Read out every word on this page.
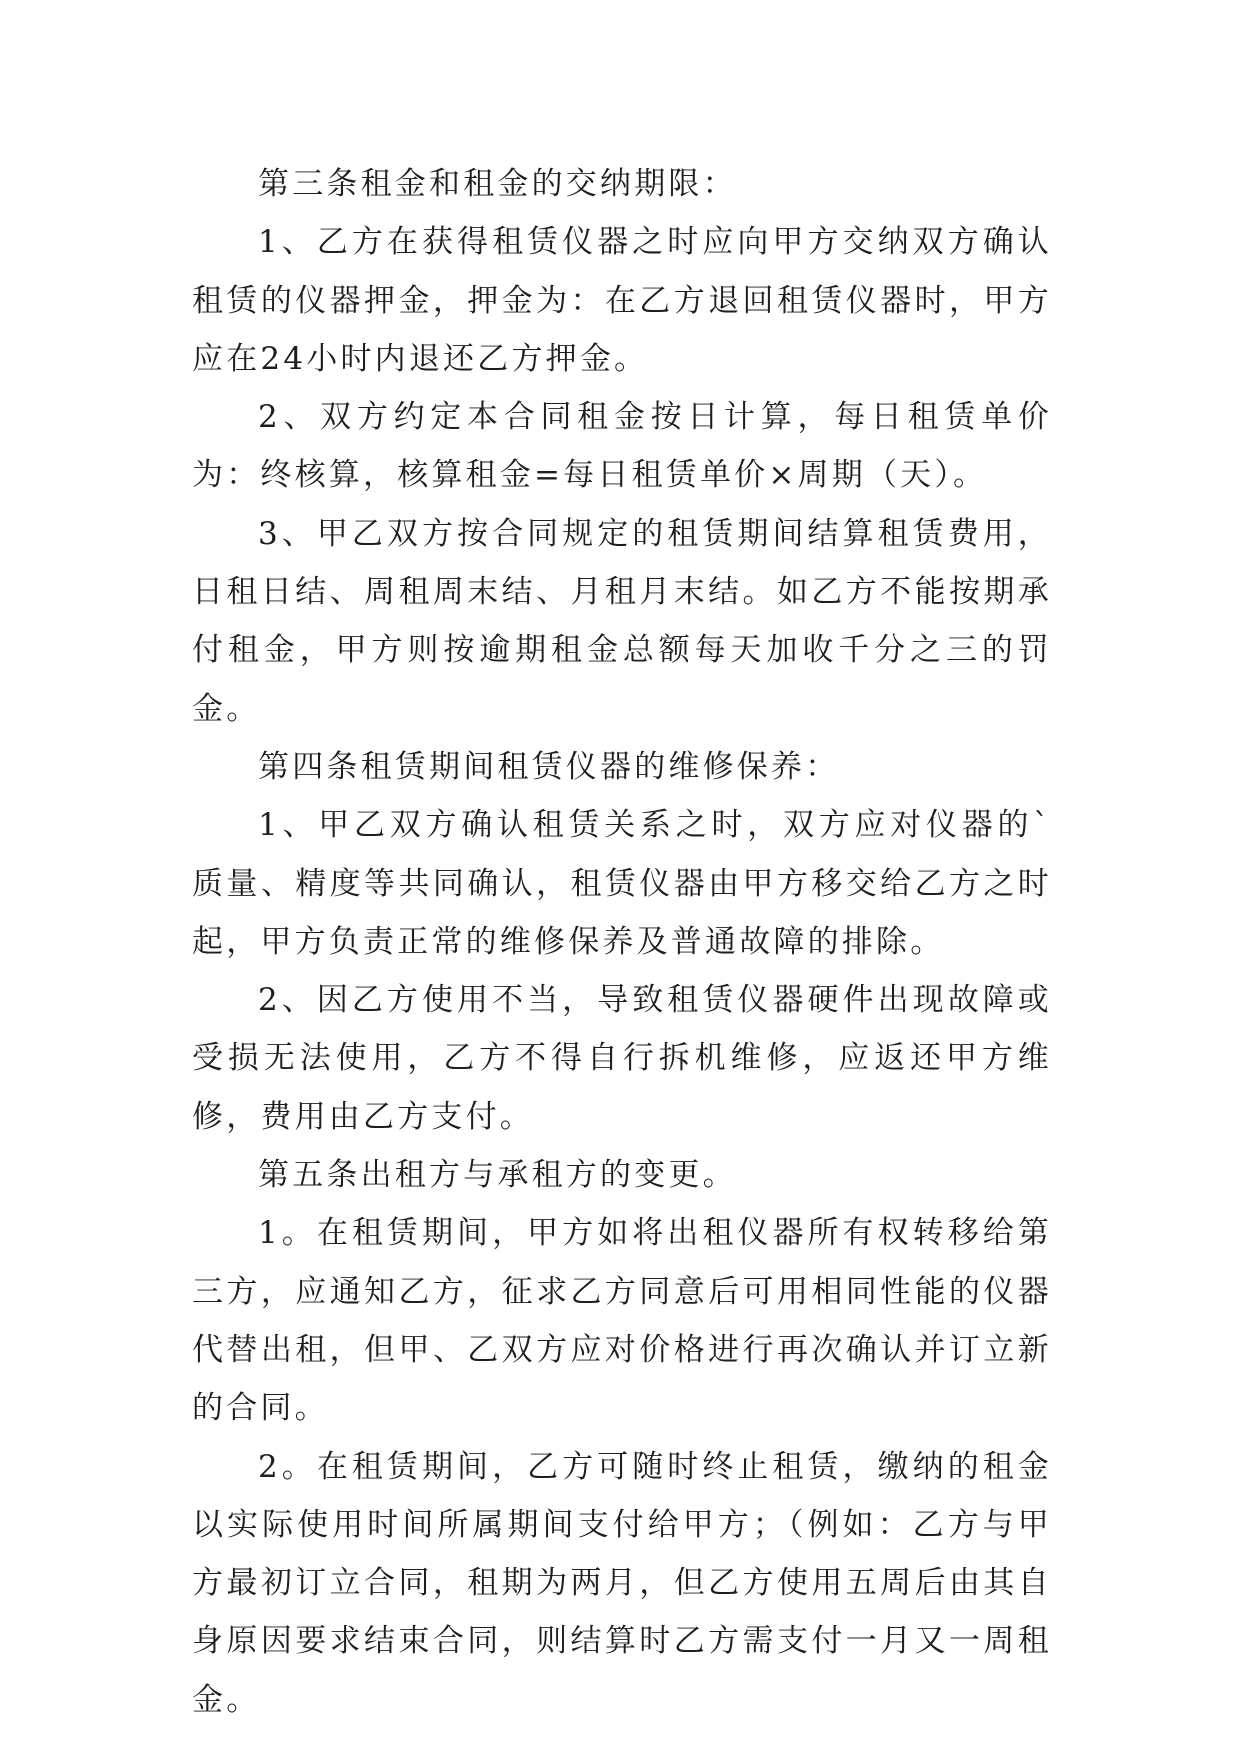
第三条租金和租金的交纳期限：

1、乙方在获得租赁仪器之时应向甲方交纳双方确认租赁的仪器押金，押金为：在乙方退回租赁仪器时，甲方应在24小时内退还乙方押金。

2、双方约定本合同租金按日计算，每日租赁单价为：终核算，核算租金=每日租赁单价×周期（天）。

3、甲乙双方按合同规定的租赁期间结算租赁费用，日租日结、周租周末结、月租月末结。如乙方不能按期承付租金，甲方则按逾期租金总额每天加收千分之三的罚金。

第四条租赁期间租赁仪器的维修保养：

1、甲乙双方确认租赁关系之时，双方应对仪器的`质量、精度等共同确认，租赁仪器由甲方移交给乙方之时起，甲方负责正常的维修保养及普通故障的排除。

2、因乙方使用不当，导致租赁仪器硬件出现故障或受损无法使用，乙方不得自行拆机维修，应返还甲方维修，费用由乙方支付。

第五条出租方与承租方的变更。

1。在租赁期间，甲方如将出租仪器所有权转移给第三方，应通知乙方，征求乙方同意后可用相同性能的仪器代替出租，但甲、乙双方应对价格进行再次确认并订立新的合同。

2。在租赁期间，乙方可随时终止租赁，缴纳的租金以实际使用时间所属期间支付给甲方；（例如：乙方与甲方最初订立合同，租期为两月，但乙方使用五周后由其自身原因要求结束合同，则结算时乙方需支付一月又一周租金。
